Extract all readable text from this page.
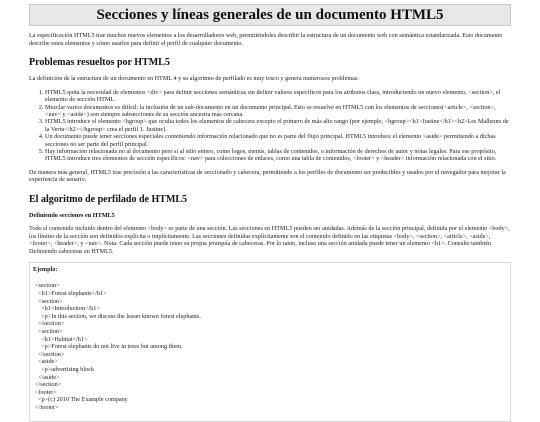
Secciones y líneas generales de un documento HTML5

La especificación HTML5 trae muchos nuevos elementos a los desarrolladores web, permitiéndoles describir la estructura de un documento web con semántica estandarizada. Esto documento describe estos elementos y cómo usarlos para definir el perfil de cualquier documento.

Problemas resueltos por HTML5

La definición de la estructura de un documento en HTML 4 y su algoritmo de perfilado es muy tosco y genera numerosos problemas:

1. HTML5 quita la necesidad de elementos <div> para definir secciones semánticas sin definir valores específicos para los atributos class, introduciendo un nuevo elemento, <section>, el elemento de sección HTML.
2. Mezclar varios documentos es difícil: la inclusión de un sub-documento en un documento principal. Esto se resuelve en HTML5 con los elementos de secciones(<article>, <section>, <nav> y <aside>) son siempre subsecciones de su sección ancestra más cercana.
3. HTML5 introduce el elemento <hgroup> que oculta todos los elementos de cabecera excepto el primero de más alto rango (por ejemplo, <hgroup><h1>Justine</h1><h2>Les Malheurs de la Vertu</h2></hgroup> crea el perfil 1. Justine).
4. Un documento puede tener secciones especiales conteniendo información relacionado que no es parte del flujo principal. HTML5 introduce el elemento <aside> permitiendo a dichas secciones no ser parte del perfil principal.
5. Hay información relacionada no al documento pero si al sitio entero, como logos, menús, tablas de contenidos, o información de derechos de autor y notas legales. Para ese propósito, HTML5 introduce tres elementos de sección específicos: <nav> para colecciones de enlaces, como una tabla de contenidos, <footer> y <header> información relacionada con el sitio.

De manera más general, HTML5 trae precisión a las características de seccionado y cabecera, permitiendo a los perfiles de documento ser predecibles y usados por el navegador para mejorar la experiencia de usuario.

El algoritmo de perfilado de HTML5
Definiendo secciones en HTML5

Todo el contenido incluido dentro del elemento <body> es parte de una sección. Las secciones en HTML5 pueden ser anidadas. Además de la sección principal, definida por el elemento <body>, los límites de la sección son definidos explícita o implícitamente. Las secciones definidas explícitamente son el contenido definido en las etiquetas <body>, <section>, <article>, <aside>, <footer>, <header>, y <nav>. Nota: Cada sección puede tener su propia jerarquía de cabeceras. Por lo tanto, incluso una sección anidada puede tener un elemento <h1>. Consulte también Definiendo cabeceras en HTML5.

Ejemplo:
<section>
<h1>Forest elephants</h1>
<section>
<h1>Introduction</h1>
<p>In this section, we discuss the lesser known forest elephants.
</section>
<section>
<h1>Habitat</h1>
<p>Forest elephants do not live in trees but among them.
</section>
<aside>
<p>advertising block
</aside>
</section>
<footer>
<p>(c) 2010 The Example company
</footer>
